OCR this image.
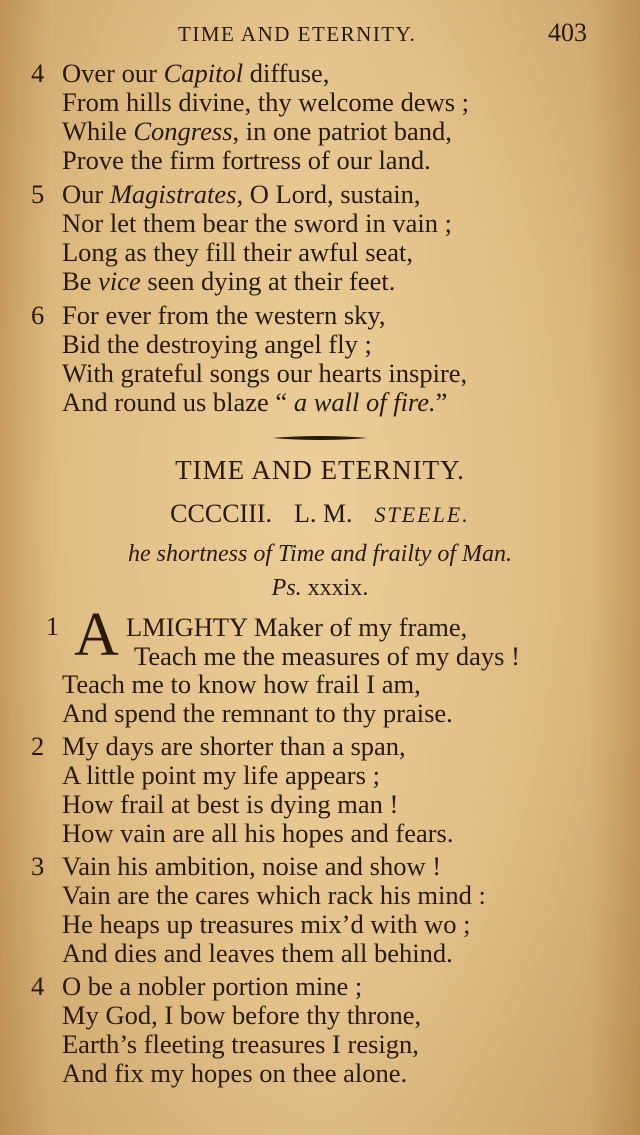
TIME AND ETERNITY.	403
4 Over our Capitol diffuse,
From hills divine, thy welcome dews ;
While Congress, in one patriot band,
Prove the firm fortress of our land.
5 Our Magistrates, O Lord, sustain,
Nor let them bear the sword in vain ;
Long as they fill their awful seat,
Be vice seen dying at their feet.
6 For ever from the western sky,
Bid the destroying angel fly ;
With grateful songs our hearts inspire,
And round us blaze “ a wall of fire.”
TIME AND ETERNITY.
CCCCIII. L. M. STEELE.
he shortness of Time and frailty of Man.
Ps. xxxix.
1 A LMIGHTY Maker of my frame,
Teach me the measures of my days !
Teach me to know how frail I am,
And spend the remnant to thy praise.
2 My days are shorter than a span,
A little point my life appears ;
How frail at best is dying man !
How vain are all his hopes and fears.
3 Vain his ambition, noise and show !
Vain are the cares which rack his mind :
He heaps up treasures mix’d with wo ;
And dies and leaves them all behind.
4 O be a nobler portion mine ;
My God, I bow before thy throne,
Earth’s fleeting treasures I resign,
And fix my hopes on thee alone.
